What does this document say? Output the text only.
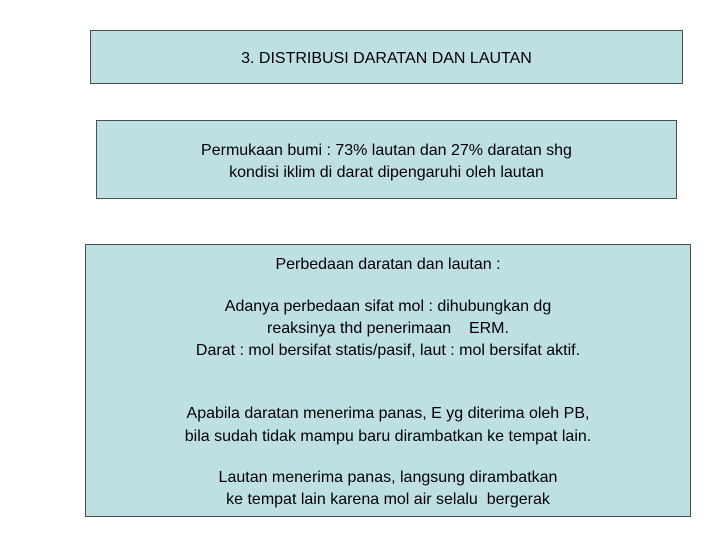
3. DISTRIBUSI DARATAN DAN LAUTAN
Permukaan bumi : 73% lautan dan 27% daratan shg
kondisi iklim di darat dipengaruhi oleh lautan
Perbedaan daratan dan lautan :
Adanya perbedaan sifat mol : dihubungkan dg
reaksinya thd penerimaan    ERM.
Darat : mol bersifat statis/pasif, laut : mol bersifat aktif.
Apabila daratan menerima panas, E yg diterima oleh PB,
bila sudah tidak mampu baru dirambatkan ke tempat lain.
Lautan menerima panas, langsung dirambatkan
ke tempat lain karena mol air selalu  bergerak
